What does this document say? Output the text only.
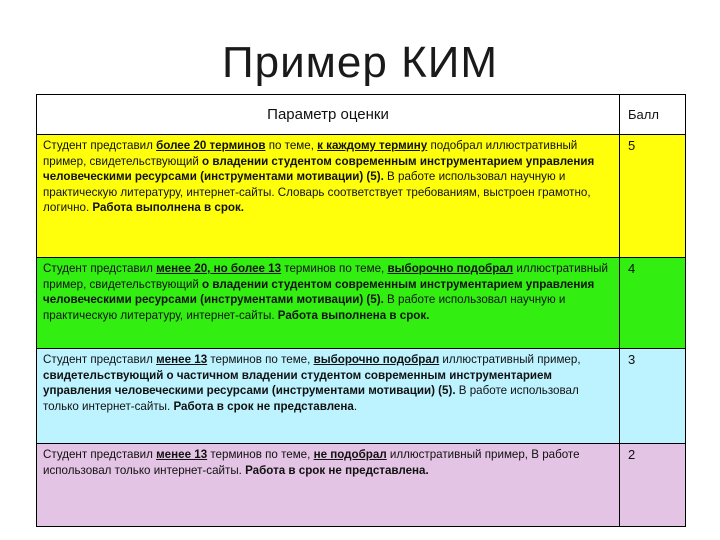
Пример КИМ
Параметр оценки	Балл
Студент представил более 20 терминов по теме, к каждому термину подобрал иллюстративный пример, свидетельствующий о владении студентом современным инструментарием управления человеческими ресурсами (инструментами мотивации) (5). В работе использовал научную и практическую литературу, интернет-сайты. Словарь соответствует требованиям, выстроен грамотно, логично. Работа выполнена в срок.	5
Студент представил менее 20, но более 13 терминов по теме, выборочно подобрал иллюстративный пример, свидетельствующий о владении студентом современным инструментарием управления человеческими ресурсами (инструментами мотивации) (5). В работе использовал научную и практическую литературу, интернет-сайты. Работа выполнена в срок.	4
Студент представил менее 13 терминов по теме, выборочно подобрал иллюстративный пример, свидетельствующий о частичном владении студентом современным инструментарием управления человеческими ресурсами (инструментами мотивации) (5). В работе использовал только интернет-сайты. Работа в срок не представлена.	3
Студент представил менее 13 терминов по теме, не подобрал иллюстративный пример, В работе использовал только интернет-сайты. Работа в срок не представлена.	2
